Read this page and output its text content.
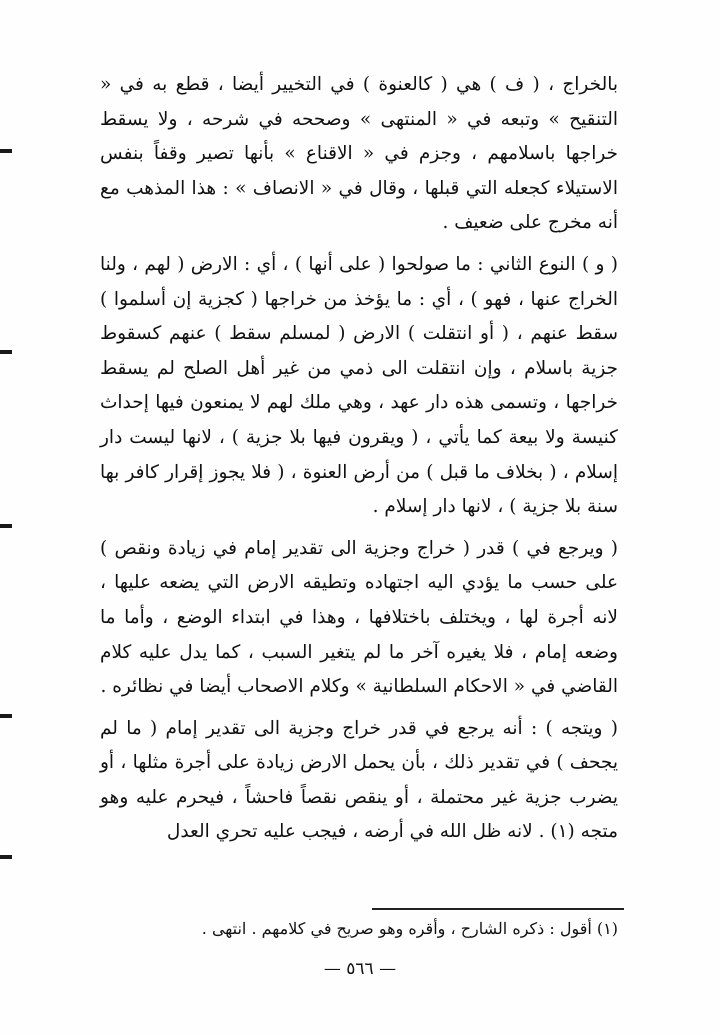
بالخراج ، ( ف ) هي ( كالعنوة ) في التخيير أيضا ، قطع به في « التنقيح » وتبعه في « المنتهى » وصححه في شرحه ، ولا يسقط خراجها باسلامهم ، وجزم في « الاقناع » بأنها تصير وقفاً بنفس الاستيلاء كجعله التي قبلها ، وقال في « الانصاف » : هذا المذهب مع أنه مخرج على ضعيف .

( و ) النوع الثاني : ما صولحوا ( على أنها ) ، أي : الارض ( لهم ، ولنا الخراج عنها ، فهو ) ، أي : ما يؤخذ من خراجها ( كجزية إن أسلموا ) سقط عنهم ، ( أو انتقلت ) الارض ( لمسلم سقط ) عنهم كسقوط جزية باسلام ، وإن انتقلت الى ذمي من غير أهل الصلح لم يسقط خراجها ، وتسمى هذه دار عهد ، وهي ملك لهم لا يمنعون فيها إحداث كنيسة ولا بيعة كما يأتي ، ( ويقرون فيها بلا جزية ) ، لانها ليست دار إسلام ، ( بخلاف ما قبل ) من أرض العنوة ، ( فلا يجوز إقرار كافر بها سنة بلا جزية ) ، لانها دار إسلام .

( ويرجع في ) قدر ( خراج وجزية الى تقدير إمام في زيادة ونقص ) على حسب ما يؤدي اليه اجتهاده وتطيقه الارض التي يضعه عليها ، لانه أجرة لها ، ويختلف باختلافها ، وهذا في ابتداء الوضع ، وأما ما وضعه إمام ، فلا يغيره آخر ما لم يتغير السبب ، كما يدل عليه كلام القاضي في « الاحكام السلطانية » وكلام الاصحاب أيضا في نظائره .

( ويتجه ) : أنه يرجع في قدر خراج وجزية الى تقدير إمام ( ما لم يجحف ) في تقدير ذلك ، بأن يحمل الارض زيادة على أجرة مثلها ، أو يضرب جزية غير محتملة ، أو ينقص نقصاً فاحشاً ، فيحرم عليه وهو متجه (١) . لانه ظل الله في أرضه ، فيجب عليه تحري العدل

(١) أقول : ذكره الشارح ، وأقره وهو صريح في كلامهم . انتهى .
— ٥٦٦ —
